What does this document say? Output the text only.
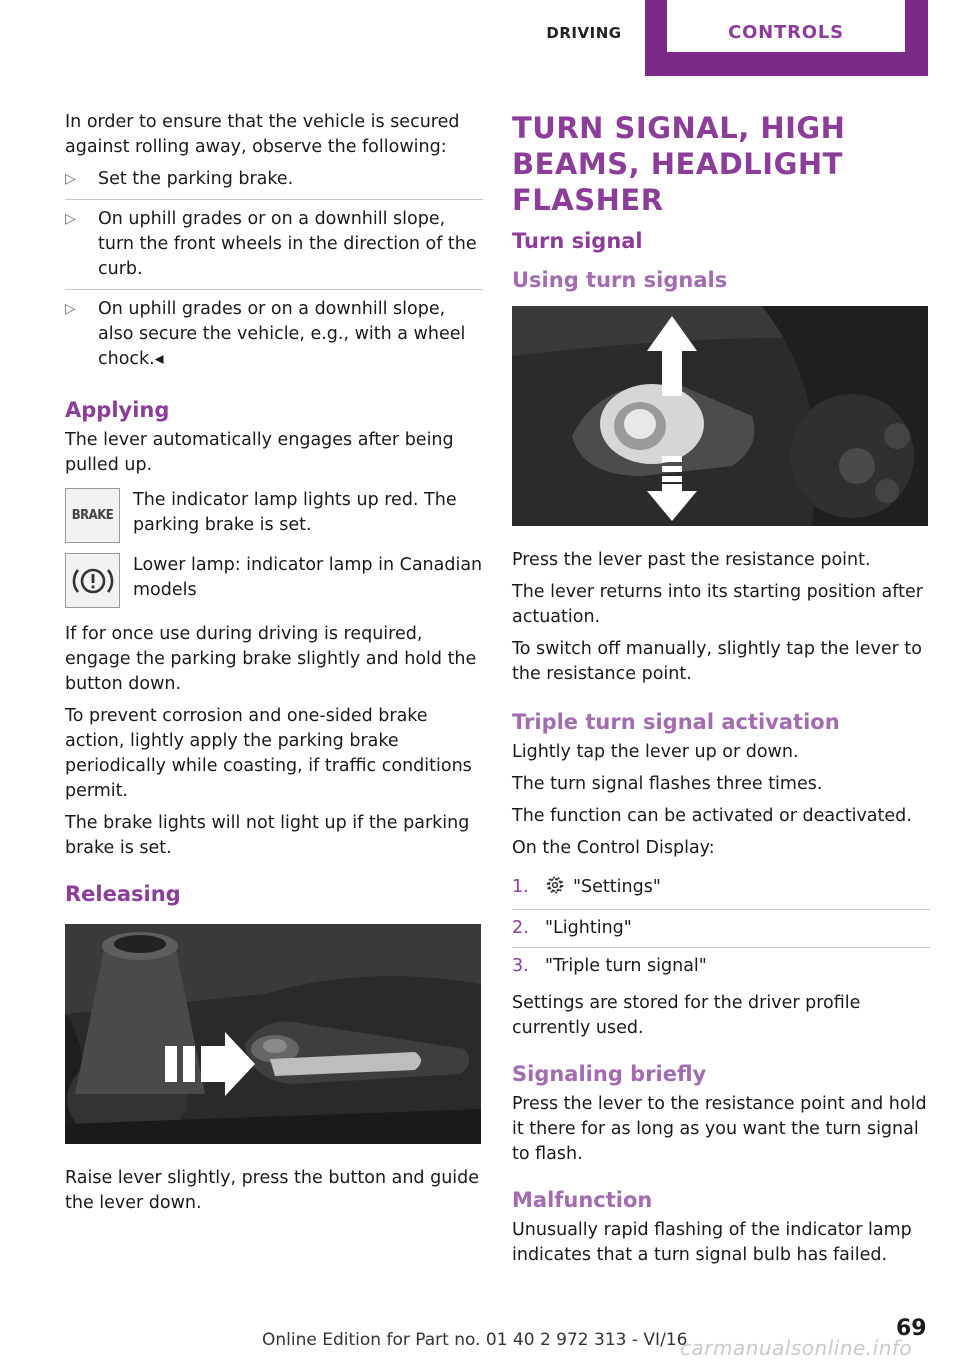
DRIVING	CONTROLS

In order to ensure that the vehicle is secured against rolling away, observe the following:

▷ Set the parking brake.
▷ On uphill grades or on a downhill slope, turn the front wheels in the direction of the curb.
▷ On uphill grades or on a downhill slope, also secure the vehicle, e.g., with a wheel chock.◂
Applying

The lever automatically engages after being pulled up.

BRAKE
The indicator lamp lights up red. The parking brake is set.
Lower lamp: indicator lamp in Canadian models

If for once use during driving is required, engage the parking brake slightly and hold the button down.

To prevent corrosion and one-sided brake action, lightly apply the parking brake periodically while coasting, if traffic conditions permit.

The brake lights will not light up if the parking brake is set.

Releasing

Raise lever slightly, press the button and guide the lever down.

TURN SIGNAL, HIGH BEAMS, HEADLIGHT FLASHER
Turn signal
Using turn signals

Press the lever past the resistance point.

The lever returns into its starting position after actuation.

To switch off manually, slightly tap the lever to the resistance point.

Triple turn signal activation

Lightly tap the lever up or down.

The turn signal flashes three times.

The function can be activated or deactivated.

On the Control Display:

1.	"Settings"
2. "Lighting"
3. "Triple turn signal"

Settings are stored for the driver profile currently used.

Signaling briefly

Press the lever to the resistance point and hold it there for as long as you want the turn signal to flash.

Malfunction

Unusually rapid flashing of the indicator lamp indicates that a turn signal bulb has failed.

Online Edition for Part no. 01 40 2 972 313 - VI/16	69
carmanualsonline.info
